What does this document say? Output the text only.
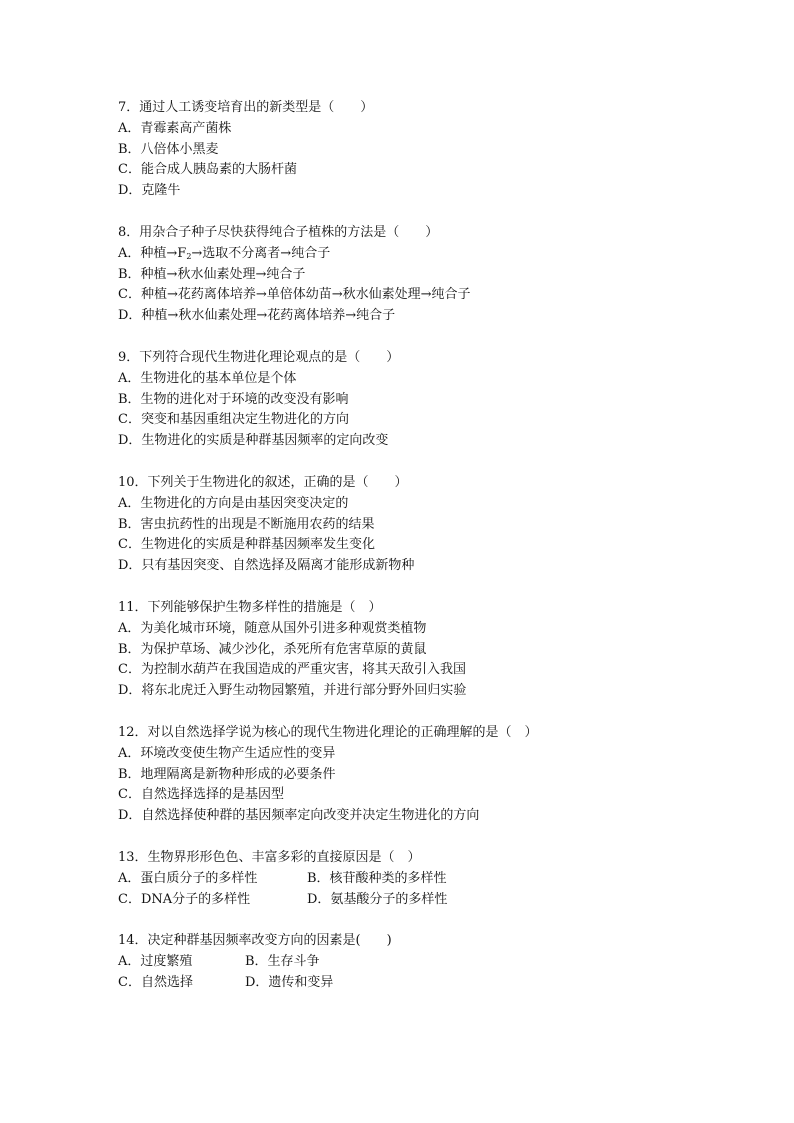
7．通过人工诱变培育出的新类型是（　　）
A．青霉素高产菌株
B．八倍体小黑麦
C．能合成人胰岛素的大肠杆菌
D．克隆牛
8．用杂合子种子尽快获得纯合子植株的方法是（　　）
A．种植$\to F_2\to$选取不分离者→纯合子
B．种植→秋水仙素处理→纯合子
C．种植→花药离体培养→单倍体幼苗→秋水仙素处理→纯合子
D．种植→秋水仙素处理→花药离体培养→纯合子
9．下列符合现代生物进化理论观点的是（　　）
A．生物进化的基本单位是个体
B．生物的进化对于环境的改变没有影响
C．突变和基因重组决定生物进化的方向
D．生物进化的实质是种群基因频率的定向改变
10．下列关于生物进化的叙述，正确的是（　　）
A．生物进化的方向是由基因突变决定的
B．害虫抗药性的出现是不断施用农药的结果
C．生物进化的实质是种群基因频率发生变化
D．只有基因突变、自然选择及隔离才能形成新物种
11．下列能够保护生物多样性的措施是（　）
A．为美化城市环境，随意从国外引进多种观赏类植物
B．为保护草场、减少沙化，杀死所有危害草原的黄鼠
C．为控制水葫芦在我国造成的严重灾害，将其天敌引入我国
D．将东北虎迁入野生动物园繁殖，并进行部分野外回归实验
12．对以自然选择学说为核心的现代生物进化理论的正确理解的是（　）
A．环境改变使生物产生适应性的变异
B．地理隔离是新物种形成的必要条件
C．自然选择选择的是基因型
D．自然选择使种群的基因频率定向改变并决定生物进化的方向
13．生物界形形色色、丰富多彩的直接原因是（　）
A．蛋白质分子的多样性	B．核苷酸种类的多样性
C．DNA分子的多样性	D．氨基酸分子的多样性
14．决定种群基因频率改变方向的因素是(　　)
A．过度繁殖	B．生存斗争
C．自然选择	D．遗传和变异
